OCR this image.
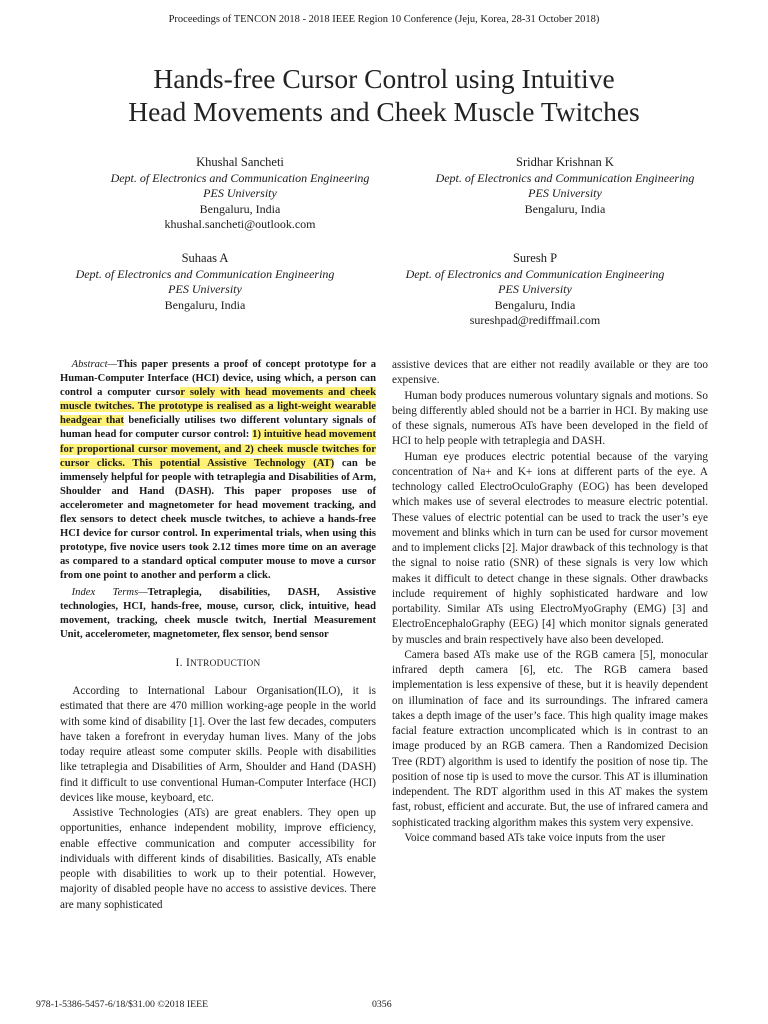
Proceedings of TENCON 2018 - 2018 IEEE Region 10 Conference (Jeju, Korea, 28-31 October 2018)
Hands-free Cursor Control using Intuitive
Head Movements and Cheek Muscle Twitches
Khushal Sancheti
Dept. of Electronics and Communication Engineering
PES University
Bengaluru, India
khushal.sancheti@outlook.com
Sridhar Krishnan K
Dept. of Electronics and Communication Engineering
PES University
Bengaluru, India
Suhaas A
Dept. of Electronics and Communication Engineering
PES University
Bengaluru, India
Suresh P
Dept. of Electronics and Communication Engineering
PES University
Bengaluru, India
sureshpad@rediffmail.com

Abstract—This paper presents a proof of concept prototype for a Human-Computer Interface (HCI) device, using which, a person can control a computer cursor solely with head movements and cheek muscle twitches. The prototype is realised as a light-weight wearable headgear that beneficially utilises two different voluntary signals of human head for computer cursor control: 1) intuitive head movement for proportional cursor movement, and 2) cheek muscle twitches for cursor clicks. This potential Assistive Technology (AT) can be immensely helpful for people with tetraplegia and Disabilities of Arm, Shoulder and Hand (DASH). This paper proposes use of accelerometer and magnetometer for head movement tracking, and flex sensors to detect cheek muscle twitches, to achieve a hands-free HCI device for cursor control. In experimental trials, when using this prototype, five novice users took 2.12 times more time on an average as compared to a standard optical computer mouse to move a cursor from one point to another and perform a click.

Index Terms—Tetraplegia, disabilities, DASH, Assistive technologies, HCI, hands-free, mouse, cursor, click, intuitive, head movement, tracking, cheek muscle twitch, Inertial Measurement Unit, accelerometer, magnetometer, flex sensor, bend sensor

I. INTRODUCTION

According to International Labour Organisation(ILO), it is estimated that there are 470 million working-age people in the world with some kind of disability [1]. Over the last few decades, computers have taken a forefront in everyday human lives. Many of the jobs today require atleast some computer skills. People with disabilities like tetraplegia and Disabilities of Arm, Shoulder and Hand (DASH) find it difficult to use conventional Human-Computer Interface (HCI) devices like mouse, keyboard, etc.

Assistive Technologies (ATs) are great enablers. They open up opportunities, enhance independent mobility, improve efficiency, enable effective communication and computer accessibility for individuals with different kinds of disabilities. Basically, ATs enable people with disabilities to work up to their potential. However, majority of disabled people have no access to assistive devices. There are many sophisticated

assistive devices that are either not readily available or they are too expensive.

Human body produces numerous voluntary signals and motions. So being differently abled should not be a barrier in HCI. By making use of these signals, numerous ATs have been developed in the field of HCI to help people with tetraplegia and DASH.

Human eye produces electric potential because of the varying concentration of Na+ and K+ ions at different parts of the eye. A technology called ElectroOculoGraphy (EOG) has been developed which makes use of several electrodes to measure electric potential. These values of electric potential can be used to track the user’s eye movement and blinks which in turn can be used for cursor movement and to implement clicks [2]. Major drawback of this technology is that the signal to noise ratio (SNR) of these signals is very low which makes it difficult to detect change in these signals. Other drawbacks include requirement of highly sophisticated hardware and low portability. Similar ATs using ElectroMyoGraphy (EMG) [3] and ElectroEncephaloGraphy (EEG) [4] which monitor signals generated by muscles and brain respectively have also been developed.

Camera based ATs make use of the RGB camera [5], monocular infrared depth camera [6], etc. The RGB camera based implementation is less expensive of these, but it is heavily dependent on illumination of face and its surroundings. The infrared camera takes a depth image of the user’s face. This high quality image makes facial feature extraction uncomplicated which is in contrast to an image produced by an RGB camera. Then a Randomized Decision Tree (RDT) algorithm is used to identify the position of nose tip. The position of nose tip is used to move the cursor. This AT is illumination independent. The RDT algorithm used in this AT makes the system fast, robust, efficient and accurate. But, the use of infrared camera and sophisticated tracking algorithm makes this system very expensive.

Voice command based ATs take voice inputs from the user

978-1-5386-5457-6/18/$31.00 ©2018 IEEE	0356
